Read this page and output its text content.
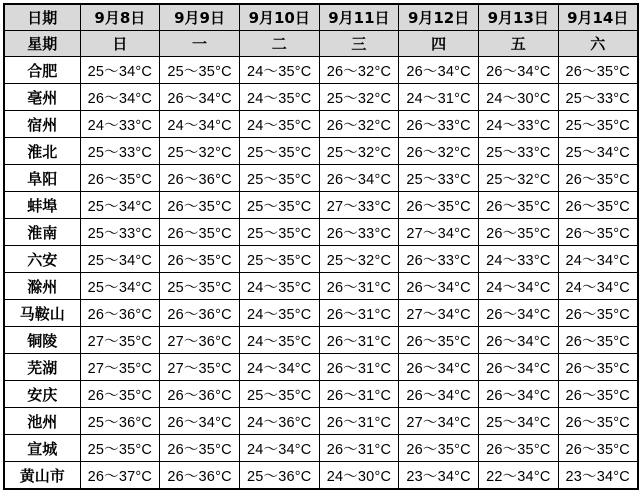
日期	9月8日	9月9日	9月10日	9月11日	9月12日	9月13日	9月14日
星期	日	一	二	三	四	五	六
合肥	25～34°C	25～35°C	24～35°C	26～32°C	26～34°C	26～34°C	26～35°C
亳州	26～34°C	26～34°C	24～35°C	25～32°C	24～31°C	24～30°C	25～33°C
宿州	24～33°C	24～34°C	24～35°C	26～32°C	26～33°C	24～33°C	25～35°C
淮北	25～33°C	25～32°C	25～35°C	25～32°C	26～32°C	25～33°C	25～34°C
阜阳	26～35°C	26～36°C	25～35°C	26～34°C	25～33°C	25～32°C	26～35°C
蚌埠	25～34°C	26～35°C	25～35°C	27～33°C	26～35°C	26～35°C	26～35°C
淮南	25～33°C	26～35°C	25～35°C	26～33°C	27～34°C	26～35°C	26～35°C
六安	25～34°C	26～35°C	25～35°C	25～32°C	26～33°C	24～33°C	24～34°C
滁州	25～34°C	25～35°C	24～35°C	26～31°C	26～34°C	24～34°C	24～34°C
马鞍山	26～36°C	26～36°C	24～35°C	26～31°C	27～34°C	26～34°C	26～35°C
铜陵	27～35°C	27～36°C	24～35°C	26～31°C	26～35°C	26～34°C	26～35°C
芜湖	27～35°C	27～35°C	24～34°C	26～31°C	26～34°C	26～34°C	26～35°C
安庆	26～35°C	26～36°C	25～35°C	26～31°C	26～34°C	26～34°C	26～35°C
池州	25～36°C	26～34°C	24～36°C	26～31°C	27～34°C	25～34°C	26～35°C
宣城	25～35°C	26～35°C	24～34°C	26～31°C	26～35°C	26～35°C	26～35°C
黄山市	26～37°C	26～36°C	25～36°C	24～30°C	23～34°C	22～34°C	23～34°C
